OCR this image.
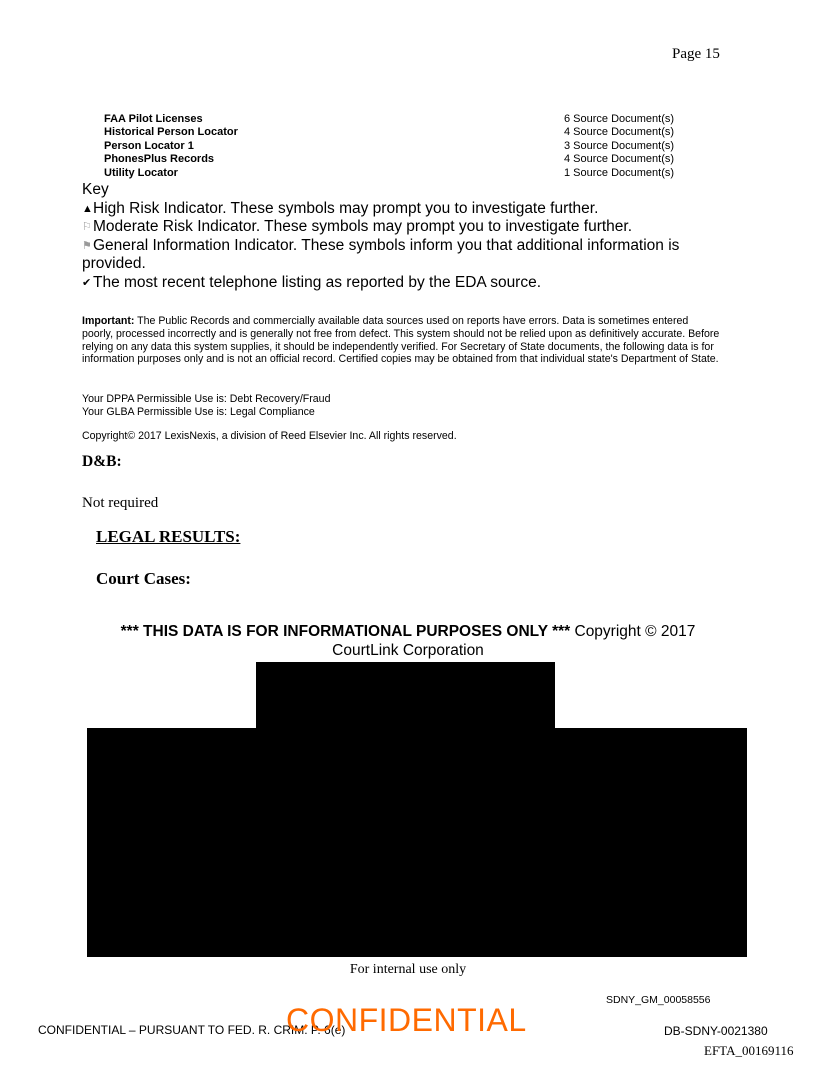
Page 15
FAA Pilot Licenses	6 Source Document(s)
Historical Person Locator	4 Source Document(s)
Person Locator 1	3 Source Document(s)
PhonesPlus Records	4 Source Document(s)
Utility Locator	1 Source Document(s)
Key
▲High Risk Indicator. These symbols may prompt you to investigate further.
⚐Moderate Risk Indicator. These symbols may prompt you to investigate further.
⚑General Information Indicator. These symbols inform you that additional information is provided.
✔ The most recent telephone listing as reported by the EDA source.
Important: The Public Records and commercially available data sources used on reports have errors. Data is sometimes entered poorly, processed incorrectly and is generally not free from defect. This system should not be relied upon as definitively accurate. Before relying on any data this system supplies, it should be independently verified. For Secretary of State documents, the following data is for information purposes only and is not an official record. Certified copies may be obtained from that individual state's Department of State.
Your DPPA Permissible Use is: Debt Recovery/Fraud
Your GLBA Permissible Use is: Legal Compliance
Copyright© 2017 LexisNexis, a division of Reed Elsevier Inc. All rights reserved.
D&B:
Not required
LEGAL RESULTS:
Court Cases:
*** THIS DATA IS FOR INFORMATIONAL PURPOSES ONLY *** Copyright © 2017 CourtLink Corporation
For internal use only
SDNY_GM_00058556
CONFIDENTIAL – PURSUANT TO FED. R. CRIM. P. 6(e)
CONFIDENTIAL	DB-SDNY-0021380
EFTA_00169116
